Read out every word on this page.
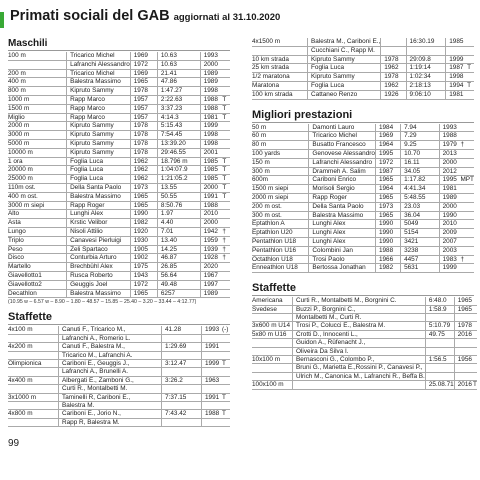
Primati sociali del GAB aggiornati al 31.10.2020
Maschili
100 m	Tricarico Michel	1969	10.63	1993	
	Lafranchi Alessandro	1972	10.63	2000	
200 m	Tricarico Michel	1969	21.41	1989	
400 m	Balestra Massimo	1965	47.86	1989	
800 m	Kipruto Sammy	1978	1:47.27	1998	
1000 m	Rapp Marco	1957	2:22.63	1988	T
1500 m	Rapp Marco	1957	3:37.23	1988	T
Miglio	Rapp Marco	1957	4:14.3	1981	T
2000 m	Kipruto Sammy	1978	5:15.43	1999	
3000 m	Kipruto Sammy	1978	7:54.45	1998	
5000 m	Kipruto Sammy	1978	13:39.20	1998	
10000 m	Kipruto Sammy	1978	29:46.55	2001	
1 ora	Foglia Luca	1962	18.796 m	1985	T
20000 m	Foglia Luca	1962	1:04:07.9	1985	T
25000 m	Foglia Luca	1962	1:21:05.2	1985	T
110m ost.	Della Santa Paolo	1973	13.55	2000	T
400 m ost.	Balestra Massimo	1965	50.55	1991	T
3000 m siepi	Rapp Roger	1965	8:50.76	1988	
Alto	Lunghi Alex	1990	1.97	2010	
Asta	Krstic Velibor	1982	4.40	2000	
Lungo	Nisoli Attilio	1920	7.01	1942	†
Triplo	Canavesi Pierluigi	1930	13.40	1959	†
Peso	Zeli Spartaco	1905	14.25	1939	†
Disco	Conturbia Arturo	1902	46.87	1928	†
Martello	Brechbühl Alex	1975	26.85	2020	
Giavellotto1	Rusca Roberto	1943	56.64	1967	
Giavellotto2	Geuggis Joel	1972	49.48	1997	
Decathlon	Balestra Massimo	1965	6257	1989	
(10.95 w – 6.57 w – 8.90 – 1.80 – 48.57 – 15.85 – 25.40 – 3.20 – 33.44 – 4:12.77)
Staffette
4x100 m	Canuti F., Tricarico M.,	41.28	1993	(-)
	Lafranchi A., Romerio L.			
4x200 m	Canuti F., Balestra M.,	1:29.69	1991	
	Tricarico M., Lafranchi A.			
Olimpionica	Cariboni E., Geuggis J.,	3:12.47	1999	T
	Lafranchi A., Brunelli A.			
4x400 m	Albergati E., Zamboni G.,	3:26.2	1963	
	Curti R., Montalbetti M.			
3x1000 m	Taminelli R, Cariboni E.,	7:37.15	1991	T
	Balestra M.			
4x800 m	Cariboni E., Jorio N.,	7:43.42	1988	T
	Rapp R, Balestra M.			
4x1500 m	Balestra M., Cariboni E.,		16:30.19	1985	
	Cucchiani C., Rapp M.				
10 km strada	Kipruto Sammy	1978	29:09.8	1999	
25 km strada	Foglia Luca	1962	1:19:14	1987	T
1/2 maratona	Kipruto Sammy	1978	1:02:34	1998	
Maratona	Foglia Luca	1962	2:18:13	1994	T
100 km strada	Cattaneo Renzo	1926	9:06:10	1981	
Migliori prestazioni
50 m	Damonti Lauro	1984	7.94	1993	
60 m	Tricarico Michel	1969	7.29	1988	
80 m	Busatto Francesco	1964	9.25	1979	†
100 yards	Genovese Alessandro	1995	10.70	2013	
150 m	Lafranchi Alessandro	1972	16.11	2000	
300 m	Drammeh A. Salim	1987	34.05	2012	
600m	Cariboni Enrico	1965	1:17.82	1995	MPT
1500 m siepi	Morisoli Sergio	1964	4:41.34	1981	
2000 m siepi	Rapp Roger	1965	5:48.55	1989	
200 m ost.	Della Santa Paolo	1973	23.03	2000	
300 m ost.	Balestra Massimo	1965	36.04	1990	
Eptathlon A	Lunghi Alex	1990	5049	2010	
Eptathlon U20	Lunghi Alex	1990	5154	2009	
Pentathlon U18	Lunghi Alex	1990	3421	2007	
Pentathlon U16	Colombini Jan	1988	3238	2003	
Octathlon U18	Trosi Paolo	1966	4457	1983	†
Enneathlon U18	Bertossa Jonathan	1982	5631	1999	
Staffette
Americana	Curti R., Montalbetti M., Borgnini C.	6:48.0	1965	
Svedese	Buzzi P., Borgnini C.,	1:58.9	1965	
	Montalbetti M., Curti R.			
3x600 m U14	Trosi P., Colucci E., Balestra M.	5:10.79	1978	
5x80 m U16	Crotti D., Innocenti L.,	49.75	2016	
	Guidon A., Rüfenacht J.,			
	Oliveira Da Silva I.			
10x100 m	Bernasconi G., Colombo P.,	1:56.5	1956	
	Bruni G., Marietta E.,Rossini P., Canavesi P.,			
	Ulrich M., Canonica M., Lafranchi R., Beffa B.			
100x100 m		25.08.71	2016	T
99
